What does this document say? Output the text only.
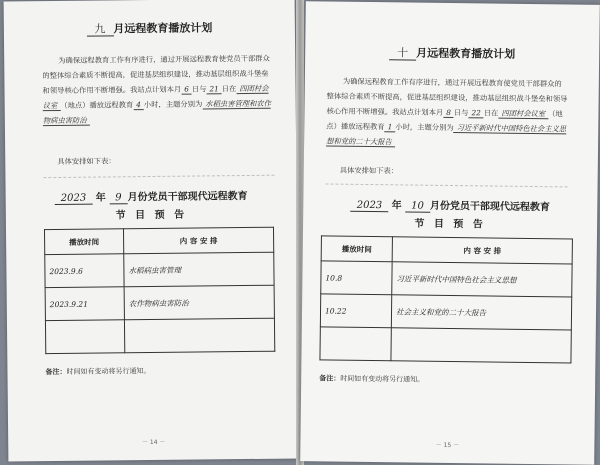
九 月远程教育播放计划

为确保远程教育工作有序进行，通过开展远程教育使党员干部群众的整体综合素质不断提高，促进基层组织建设，推动基层组织战斗堡垒和领导核心作用不断增强。我站点计划本月 6 日与 21 日在 四团村会议室 （地点）播放远程教育 4 小时，主题分别为 水稻虫害管理和农作物病虫害防治

具体安排如下表：
2023 年 9 月份党员干部现代远程教育
节 目 预 告
播放时间	内 容 安 排
2023.9.6	水稻病虫害管理
2023.9.21	农作物病虫害防治

备注：时间如有变动将另行通知。
－ 14 －
十 月远程教育播放计划

为确保远程教育工作有序进行，通过开展远程教育使党员干部群众的整体综合素质不断提高，促进基层组织建设，推动基层组织战斗堡垒和领导核心作用不断增强。我站点计划本月 8 日与 22 日在 四团村会议室 （地点）播放远程教育 1 小时，主题分别为 习近平新时代中国特色社会主义思想和党的二十大报告

具体安排如下表：
2023 年 10 月份党员干部现代远程教育
节 目 预 告
播放时间	内 容 安 排
10.8	习近平新时代中国特色社会主义思想
10.22	社会主义和党的二十大报告

备注：时间如有变动将另行通知。
－ 15 －
